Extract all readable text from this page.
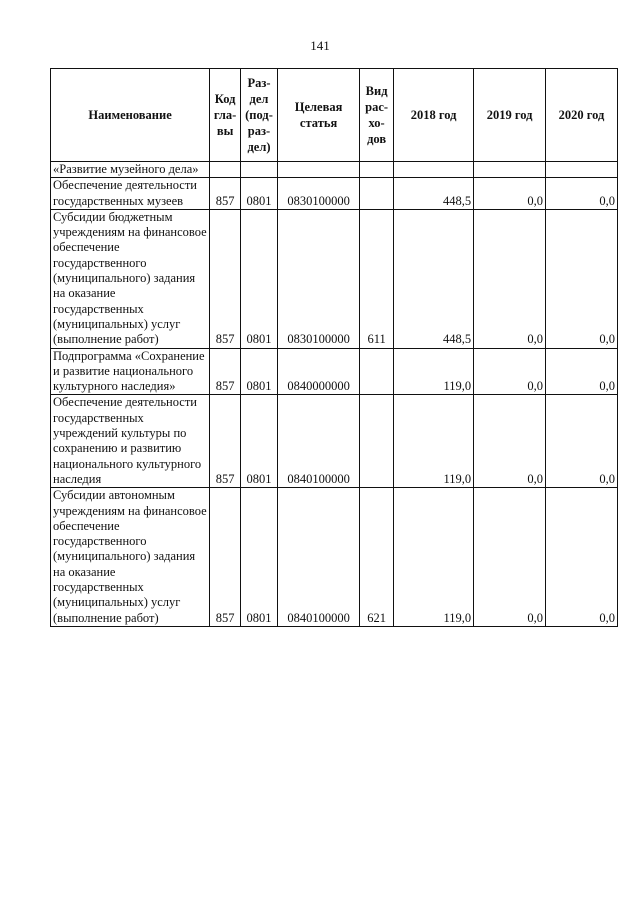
141
Наименование	Код гла-вы	Раз-дел (под-раз-дел)	Целевая статья	Вид рас-хо-дов	2018 год	2019 год	2020 год
«Развитие музейного дела»							
Обеспечение деятельности государственных музеев	857	0801	0830100000		448,5	0,0	0,0
Субсидии бюджетным учреждениям на финансовое обеспечение государственного (муниципального) задания на оказание государственных (муниципальных) услуг (выполнение работ)	857	0801	0830100000	611	448,5	0,0	0,0
Подпрограмма «Сохранение и развитие национального культурного наследия»	857	0801	0840000000		119,0	0,0	0,0
Обеспечение деятельности государственных учреждений культуры по сохранению и развитию национального культурного наследия	857	0801	0840100000		119,0	0,0	0,0
Субсидии автономным учреждениям на финансовое обеспечение государственного (муниципального) задания на оказание государственных (муниципальных) услуг (выполнение работ)	857	0801	0840100000	621	119,0	0,0	0,0
